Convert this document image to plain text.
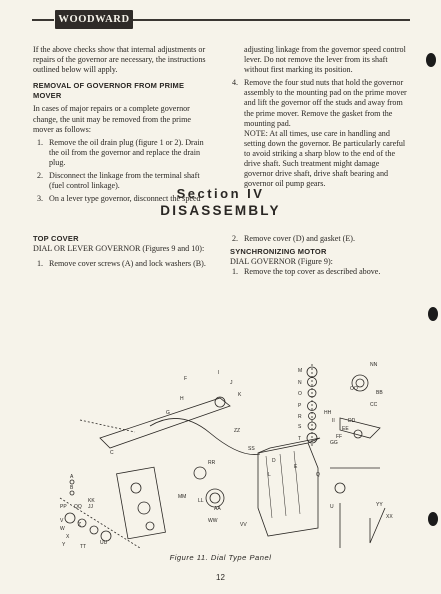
WOODWARD

If the above checks show that internal adjustments or repairs of the governor are necessary, the instructions outlined below will apply.

REMOVAL OF GOVERNOR FROM PRIME MOVER

In cases of major repairs or a complete governor change, the unit may be removed from the prime mover as follows:

1. Remove the oil drain plug (figure 1 or 2). Drain the oil from the governor and replace the drain plug.
2. Disconnect the linkage from the terminal shaft (fuel control linkage).
3. On a lever type governor, disconnect the speed

adjusting linkage from the governor speed control lever. Do not remove the lever from its shaft without first marking its position.

4. Remove the four stud nuts that hold the governor assembly to the mounting pad on the prime mover and lift the governor off the studs and away from the prime mover. Remove the gasket from the mounting pad.

NOTE: At all times, use care in handling and setting down the governor. Be particularly careful to avoid striking a sharp blow to the end of the drive shaft. Such treatment might damage governor drive shaft, drive shaft bearing and governor oil pump gears.

Section IV
DISASSEMBLY
TOP COVER

DIAL OR LEVER GOVERNOR (Figures 9 and 10):

1. Remove cover screws (A) and lock washers (B).
2. Remove cover (D) and gasket (E).
SYNCHRONIZING MOTOR

DIAL GOVERNOR (Figure 9):

1. Remove the top cover as described above.
M
N
O
P
R
S
T
NN
OO
BB
CC
HH
II	DD
EE
FF
GG
ZZ
SS
RR
MM
AA
LL
WW
VV
YY
XX
PP QQ JJ
KK
UU
TT
F
G
H
I
J
K
A
B
C
D
E
L	Q
U
V
W
X
Y
Z
Figure 11. Dial Type Panel
12
